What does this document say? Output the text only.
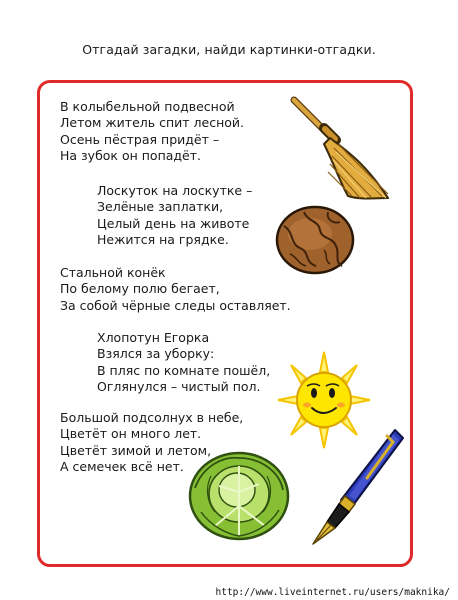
Отгадай загадки, найди картинки-отгадки.
В колыбельной подвесной
Летом житель спит лесной.
Осень пёстрая придёт –
На зубок он попадёт.
Лоскуток на лоскутке –
Зелёные заплатки,
Целый день на животе
Нежится на грядке.
Стальной конёк
По белому полю бегает,
За собой чёрные следы оставляет.
Хлопотун Егорка
Взялся за уборку:
В пляс по комнате пошёл,
Оглянулся – чистый пол.
Большой подсолнух в небе,
Цветёт он много лет.
Цветёт зимой и летом,
А семечек всё нет.
http://www.liveinternet.ru/users/maknika/
